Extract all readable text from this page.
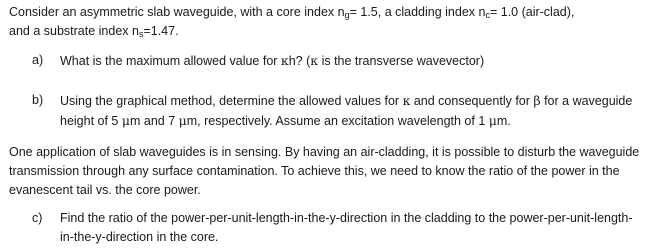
Consider an asymmetric slab waveguide, with a core index $n_g= 1.5$, a cladding index $n_c= 1.0$ (air-clad),
and a substrate index $n_s=1.47$.

a)	What is the maximum allowed value for κh? (κ is the transverse wavevector)
b)	Using the graphical method, determine the allowed values for κ and consequently for β for a waveguide height of 5 μm and 7 μm, respectively. Assume an excitation wavelength of 1 μm.

One application of slab waveguides is in sensing. By having an air-cladding, it is possible to disturb the waveguide transmission through any surface contamination. To achieve this, we need to know the ratio of the power in the evanescent tail vs. the core power.

c)	Find the ratio of the power-per-unit-length-in-the-y-direction in the cladding to the power-per-unit-length-in-the-y-direction in the core.
